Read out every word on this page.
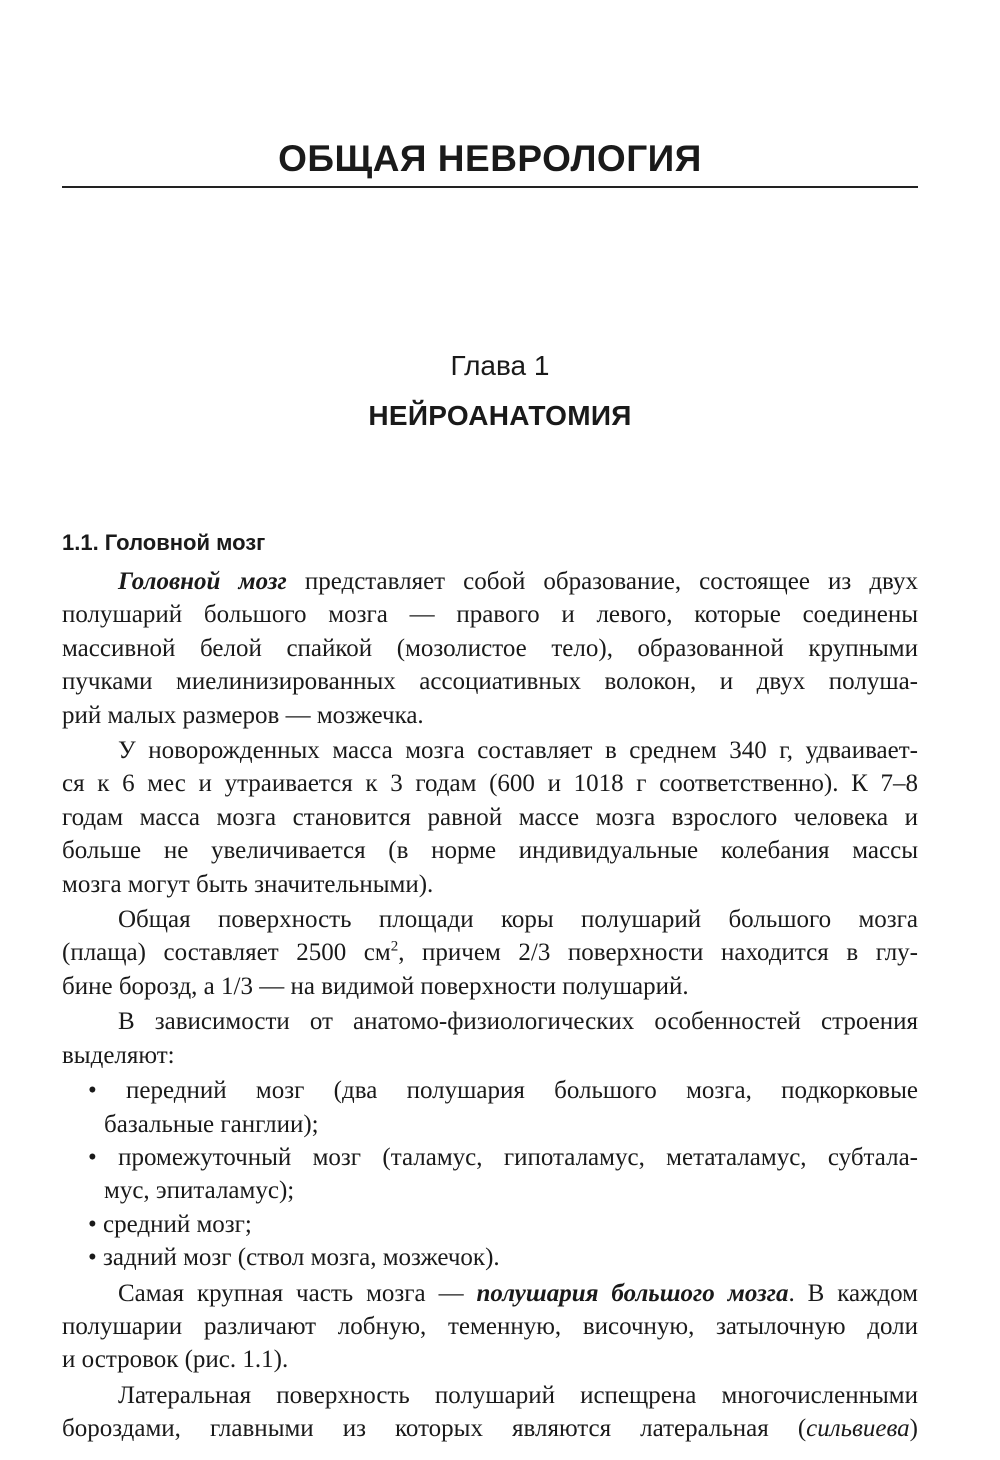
ОБЩАЯ НЕВРОЛОГИЯ
Глава 1
НЕЙРОАНАТОМИЯ
1.1. Головной мозг
Головной мозг представляет собой образование, состоящее из двух
полушарий большого мозга — правого и левого, которые соединены
массивной белой спайкой (мозолистое тело), образованной крупными
пучками миелинизированных ассоциативных волокон, и двух полуша-
рий малых размеров — мозжечка.
У новорожденных масса мозга составляет в среднем 340 г, удваивает-
ся к 6 мес и утраивается к 3 годам (600 и 1018 г соответственно). К 7–8
годам масса мозга становится равной массе мозга взрослого человека и
больше не увеличивается (в норме индивидуальные колебания массы
мозга могут быть значительными).
Общая поверхность площади коры полушарий большого мозга
(плаща) составляет 2500 $см^2$, причем 2/3 поверхности находится в глу-
бине борозд, а 1/3 — на видимой поверхности полушарий.
В зависимости от анатомо-физиологических особенностей строения
выделяют:
• передний мозг (два полушария большого мозга, подкорковые
базальные ганглии);
• промежуточный мозг (таламус, гипоталамус, метаталамус, субтала-
мус, эпиталамус);
• средний мозг;
• задний мозг (ствол мозга, мозжечок).
Самая крупная часть мозга — полушария большого мозга. В каждом
полушарии различают лобную, теменную, височную, затылочную доли
и островок (рис. 1.1).
Латеральная поверхность полушарий испещрена многочисленными
бороздами, главными из которых являются латеральная (сильвиева)
